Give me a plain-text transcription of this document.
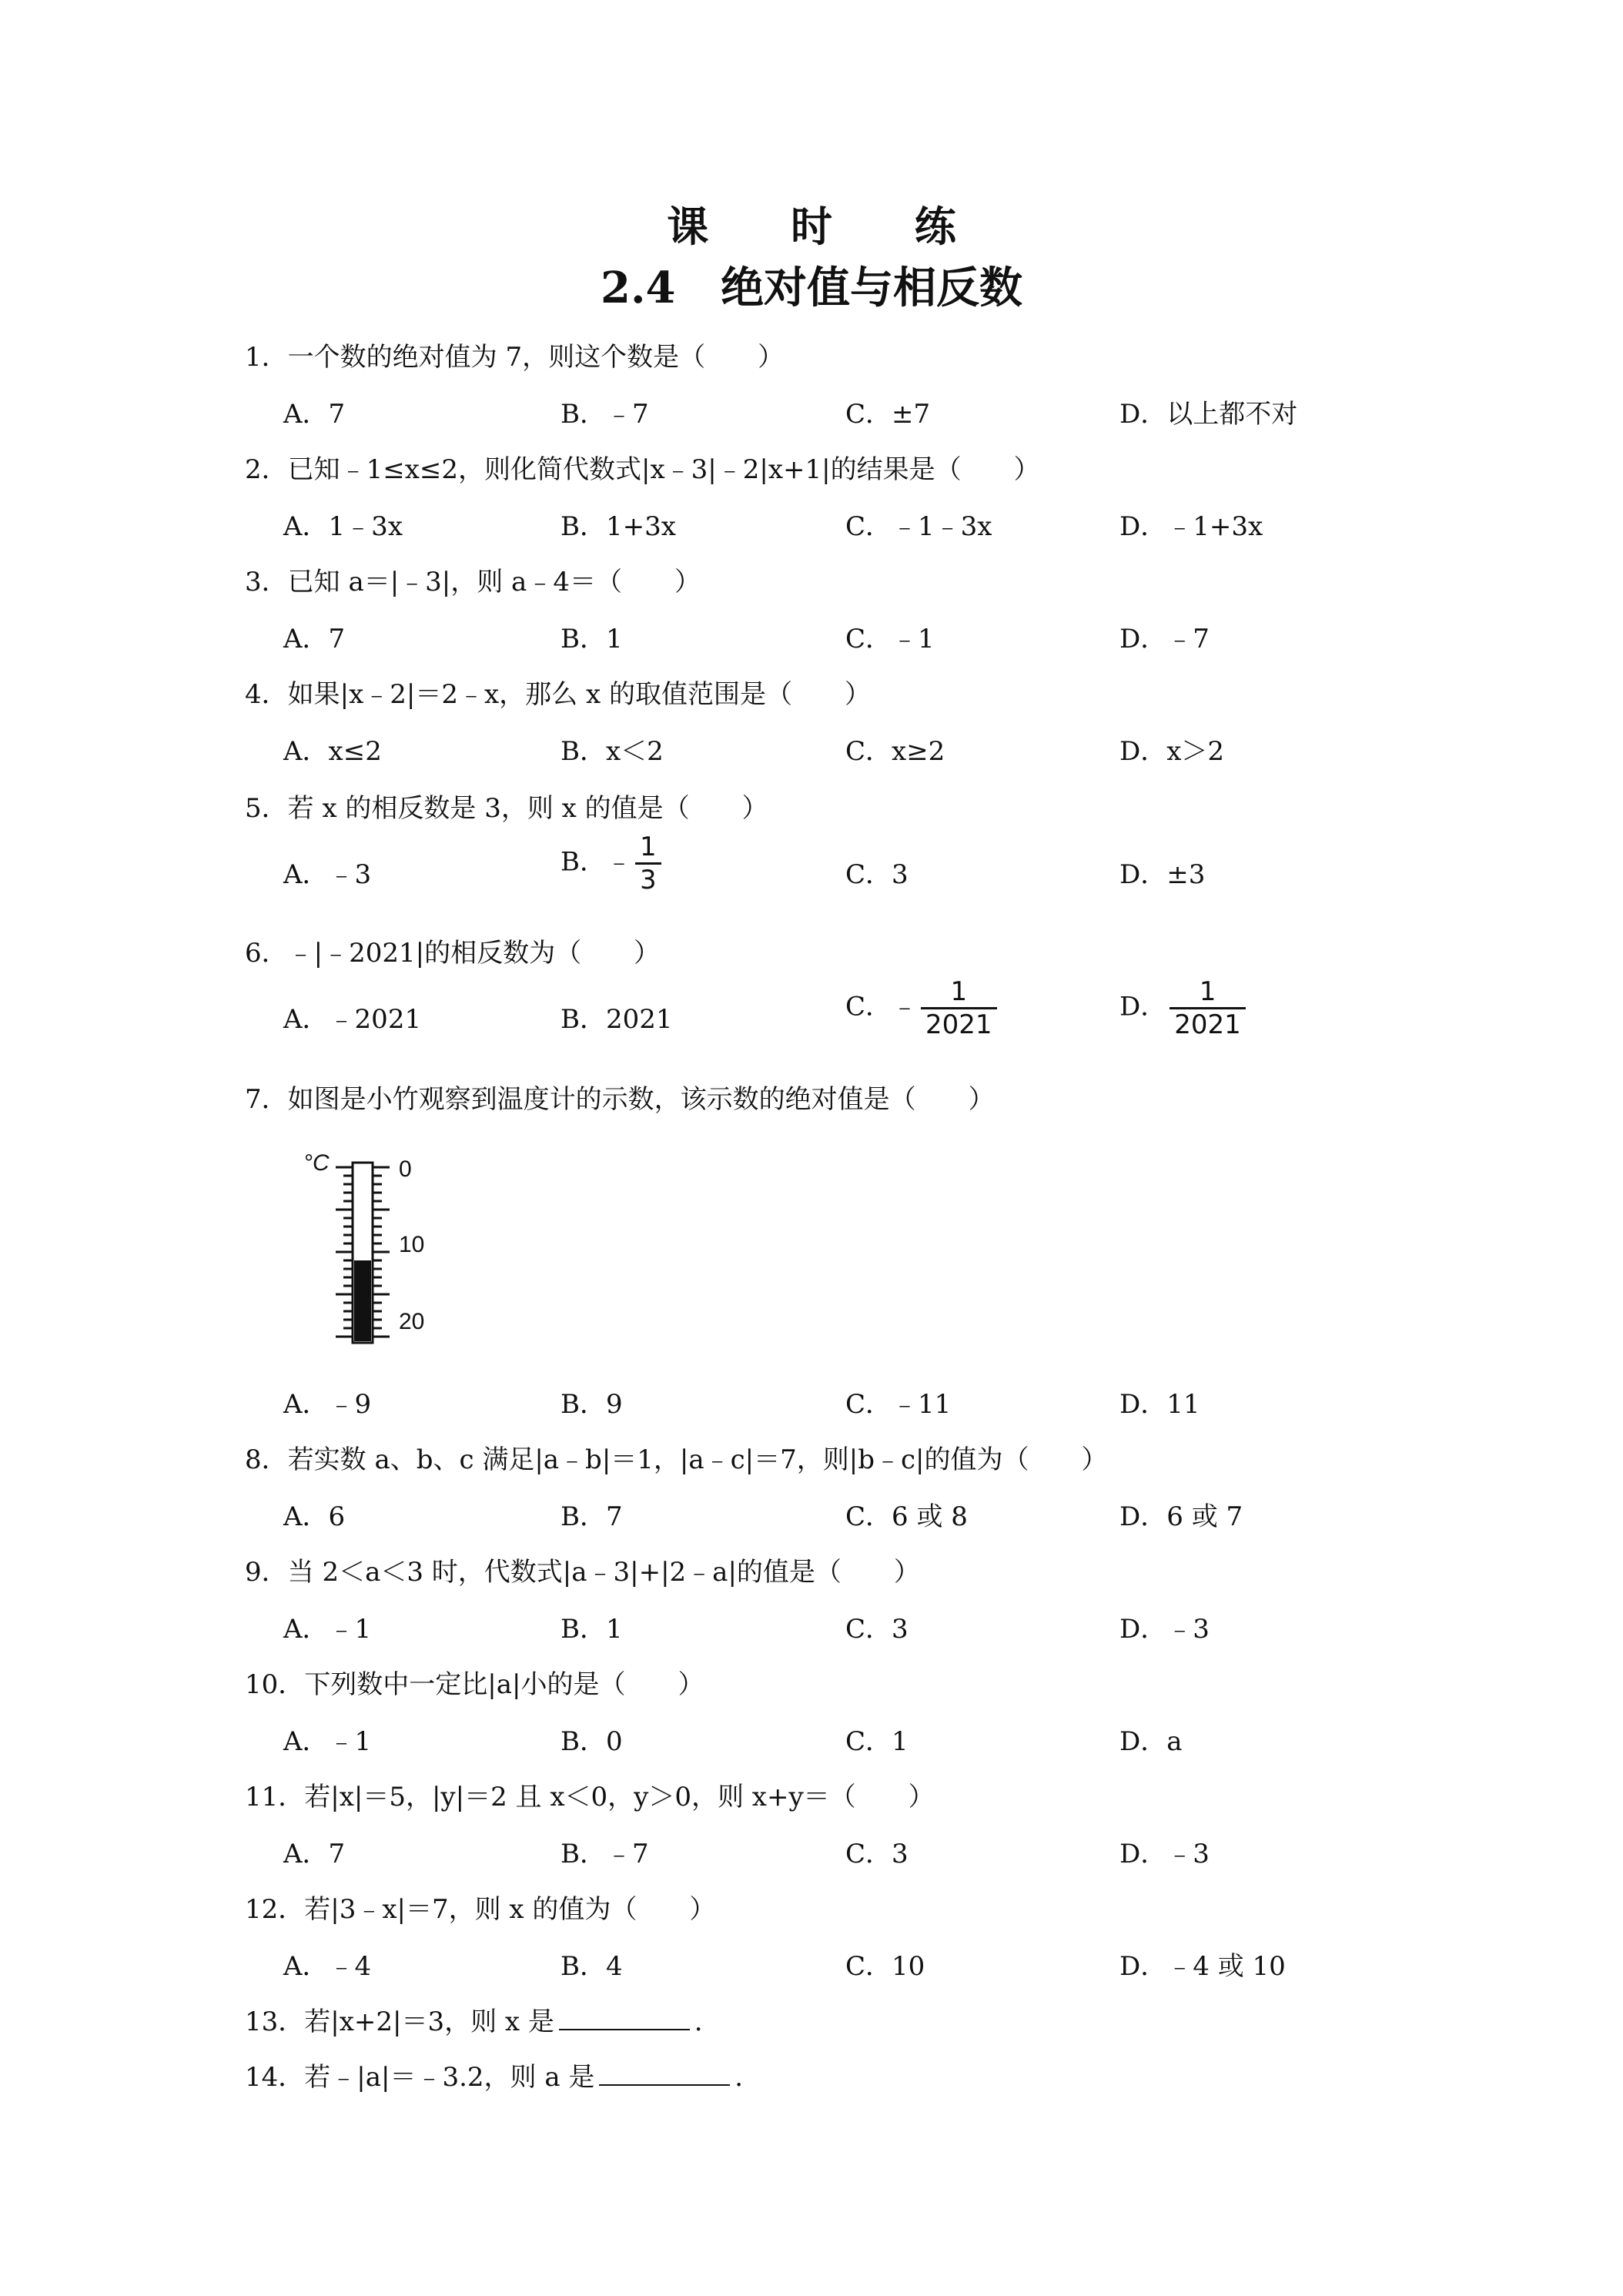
课 时 练
2.4   绝对值与相反数
1．一个数的绝对值为 7，则这个数是（　　）
A．7	B．﹣7	C．±7	D．以上都不对
2．已知﹣1≤x≤2，则化简代数式|x﹣3|﹣2|x+1|的结果是（　　）
A．1﹣3x	B．1+3x	C．﹣1﹣3x	D．﹣1+3x
3．已知 a＝|﹣3|，则 a﹣4＝（　　）
A．7	B．1	C．﹣1	D．﹣7
4．如果|x﹣2|＝2﹣x，那么 x 的取值范围是（　　）
A．x≤2	B．x＜2	C．x≥2	D．x＞2
5．若 x 的相反数是 3，则 x 的值是（　　）
A．﹣3	B．﹣ $\frac{1}{3}$	C．3	D．±3
6．﹣|﹣2021|的相反数为（　　）
A．﹣2021	B．2021	C．﹣ $\frac{1}{2021}$	D． $\frac{1}{2021}$
7．如图是小竹观察到温度计的示数，该示数的绝对值是（　　）
°C	0
10
20
A．﹣9	B．9	C．﹣11	D．11
8．若实数 a、b、c 满足|a﹣b|＝1，|a﹣c|＝7，则|b﹣c|的值为（　　）
A．6	B．7	C．6 或 8	D．6 或 7
9．当 2＜a＜3 时，代数式|a﹣3|+|2﹣a|的值是（　　）
A．﹣1	B．1	C．3	D．﹣3
10．下列数中一定比|a|小的是（　　）
A．﹣1	B．0	C．1	D．a
11．若|x|＝5，|y|＝2 且 x＜0，y＞0，则 x+y＝（　　）
A．7	B．﹣7	C．3	D．﹣3
12．若|3﹣x|＝7，则 x 的值为（　　）
A．﹣4	B．4	C．10	D．﹣4 或 10
13．若|x+2|＝3，则 x 是	．
14．若﹣|a|＝﹣3.2，则 a 是	．
